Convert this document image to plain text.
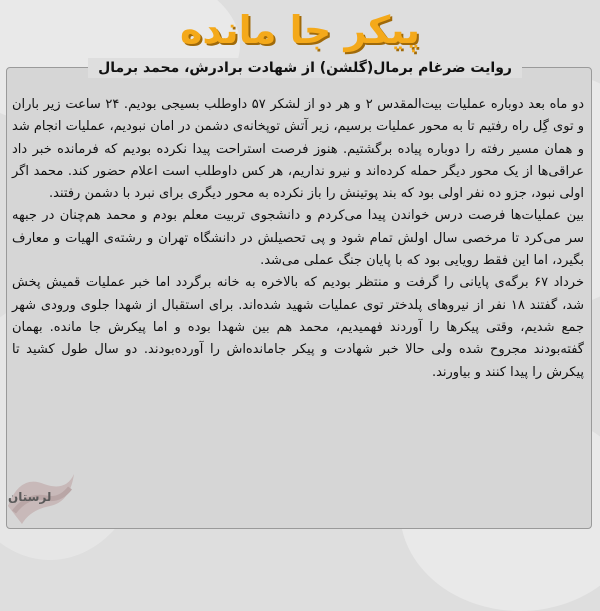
پیکر جا مانده
روایت ضرغام برمال(گلشن) از شهادت برادرش، محمد برمال

دو ماه بعد دوباره عملیات بیت‌المقدس ۲ و هر دو از لشکر ۵۷ داوطلب بسیجی بودیم. ۲۴ ساعت زیر باران و توی گِل راه رفتیم تا به محور عملیات برسیم، زیر آتش توپخانه‌ی دشمن در امان نبودیم، عملیات انجام شد و همان مسیر رفته را دوباره پیاده برگشتیم. هنوز فرصت استراحت پیدا نکرده بودیم که فرمانده خبر داد عراقی‌ها از یک محور دیگر حمله کرده‌اند و نیرو نداریم، هر کس داوطلب است اعلام حضور کند. محمد اگر اولی نبود، جزو ده نفر اولی بود که بند پوتینش را باز نکرده به محور دیگری برای نبرد با دشمن رفتند.

بین عملیات‌ها فرصت درس خواندن پیدا می‌کردم و دانشجوی تربیت معلم بودم و محمد هم‌چنان در جبهه سر می‌کرد تا مرخصی سال اولش تمام شود و پی تحصیلش در دانشگاه تهران و رشته‌ی الهیات و معارف بگیرد، اما این فقط رویایی بود که با پایان جنگ عملی می‌شد.

خرداد ۶۷ برگه‌ی پایانی را گرفت و منتظر بودیم که بالاخره به خانه برگردد اما خبر عملیات قمیش پخش شد، گفتند ۱۸ نفر از نیروهای پلدختر توی عملیات شهید شده‌اند. برای استقبال از شهدا جلوی ورودی شهر جمع شدیم، وقتی پیکرها را آوردند فهمیدیم، محمد هم بین شهدا بوده و اما پیکرش جا مانده. بهمان گفته‌بودند مجروح شده ولی حالا خبر شهادت و پیکر جامانده‌اش را آورده‌بودند. دو سال طول کشید تا پیکرش را پیدا کنند و بیاورند.

لرستان
